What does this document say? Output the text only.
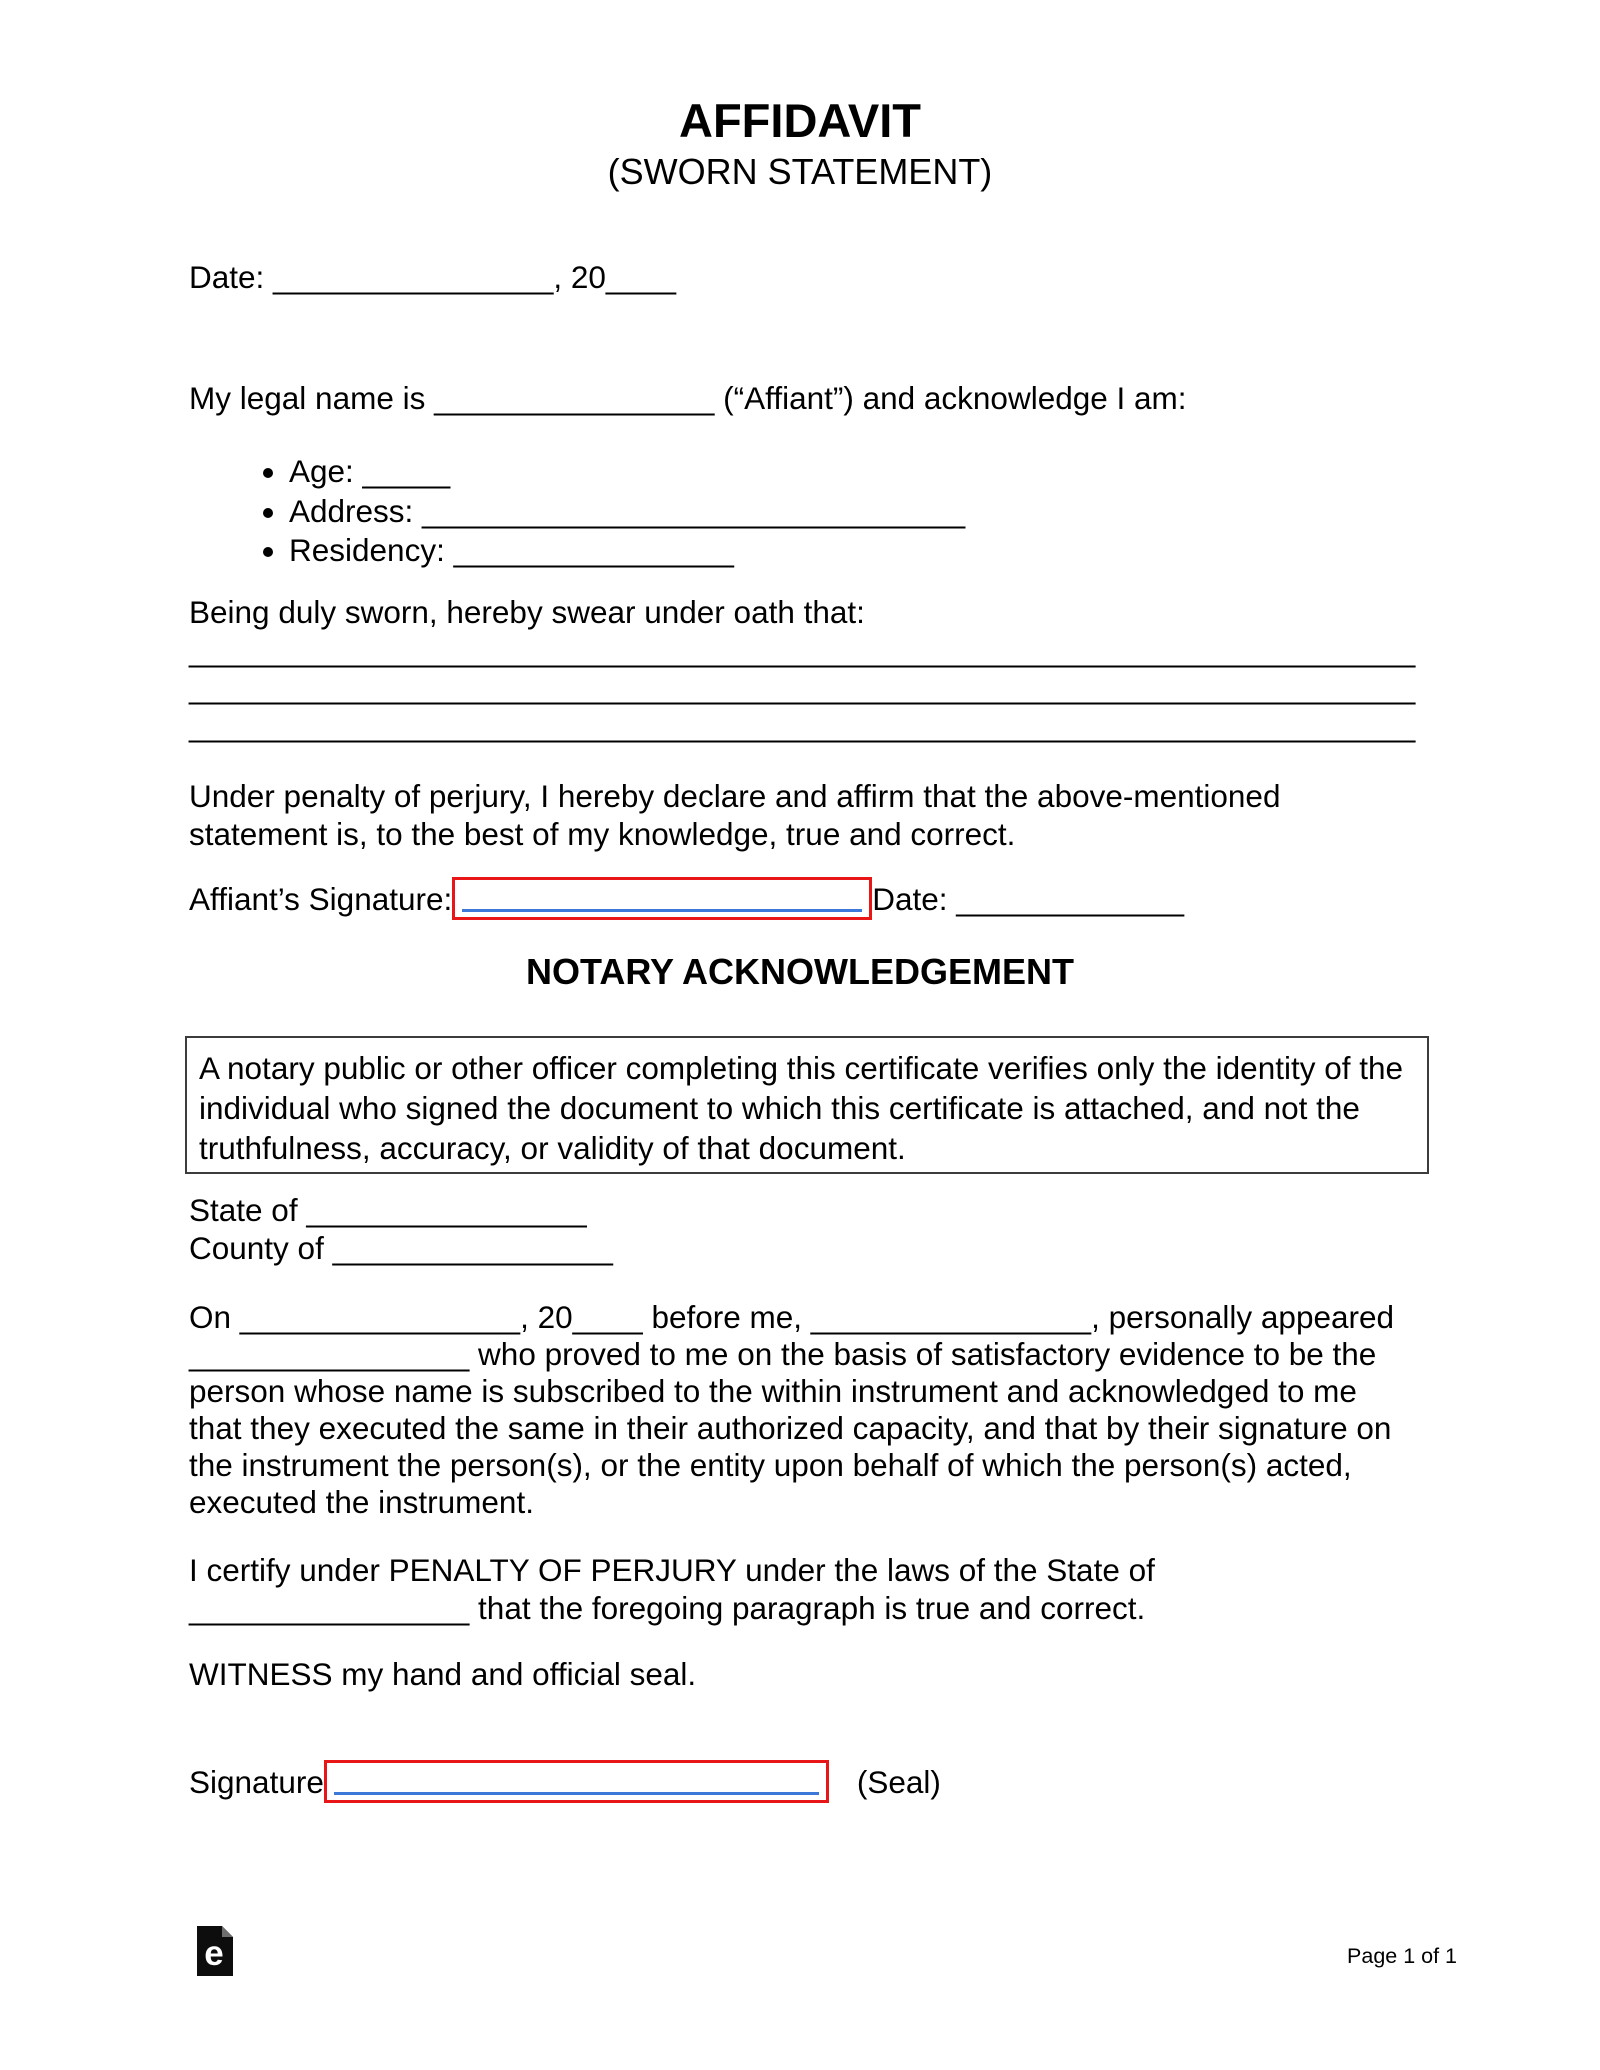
AFFIDAVIT
(SWORN STATEMENT)
Date: ________________, 20____
My legal name is ________________ (“Affiant”) and acknowledge I am:
• Age: _____
• Address: _______________________________
• Residency: ________________
Being duly sworn, hereby swear under oath that:
______________________________________________________________________
______________________________________________________________________
______________________________________________________________________
Under penalty of perjury, I hereby declare and affirm that the above-mentioned
statement is, to the best of my knowledge, true and correct.
Affiant’s Signature:	Date: _____________
NOTARY ACKNOWLEDGEMENT
A notary public or other officer completing this certificate verifies only the identity of the
individual who signed the document to which this certificate is attached, and not the
truthfulness, accuracy, or validity of that document.
State of ________________
County of ________________
On ________________, 20____ before me, ________________, personally appeared
________________ who proved to me on the basis of satisfactory evidence to be the
person whose name is subscribed to the within instrument and acknowledged to me
that they executed the same in their authorized capacity, and that by their signature on
the instrument the person(s), or the entity upon behalf of which the person(s) acted,
executed the instrument.
I certify under PENALTY OF PERJURY under the laws of the State of
________________ that the foregoing paragraph is true and correct.
WITNESS my hand and official seal.
Signature	(Seal)
e	Page 1 of 1
